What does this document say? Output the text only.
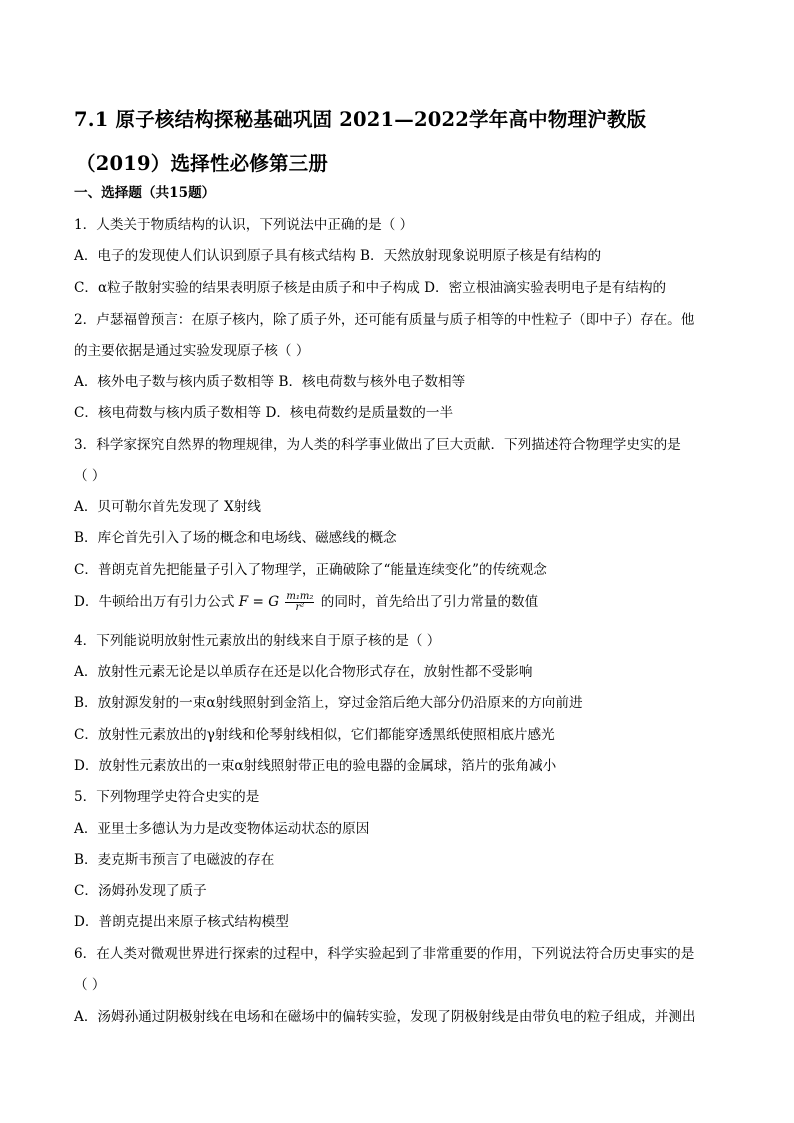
7.1 原子核结构探秘基础巩固 2021—2022学年高中物理沪教版
（2019）选择性必修第三册
一、选择题（共15题）
1．人类关于物质结构的认识，下列说法中正确的是（ ）
A．电子的发现使人们认识到原子具有核式结构 B．天然放射现象说明原子核是有结构的
C．α粒子散射实验的结果表明原子核是由质子和中子构成 D．密立根油滴实验表明电子是有结构的
2．卢瑟福曾预言：在原子核内，除了质子外，还可能有质量与质子相等的中性粒子（即中子）存在。他
的主要依据是通过实验发现原子核（ ）
A．核外电子数与核内质子数相等 B．核电荷数与核外电子数相等
C．核电荷数与核内质子数相等 D．核电荷数约是质量数的一半
3．科学家探究自然界的物理规律，为人类的科学事业做出了巨大贡献．下列描述符合物理学史实的是
（ ）
A．贝可勒尔首先发现了 X射线
B．库仑首先引入了场的概念和电场线、磁感线的概念
C．普朗克首先把能量子引入了物理学，正确破除了“能量连续变化”的传统观念
D．牛顿给出万有引力公式 F = G $\frac{\text{m₁m₂}}{\text{r²}}$ 的同时，首先给出了引力常量的数值
4．下列能说明放射性元素放出的射线来自于原子核的是（ ）
A．放射性元素无论是以单质存在还是以化合物形式存在，放射性都不受影响
B．放射源发射的一束α射线照射到金箔上，穿过金箔后绝大部分仍沿原来的方向前进
C．放射性元素放出的γ射线和伦琴射线相似，它们都能穿透黑纸使照相底片感光
D．放射性元素放出的一束α射线照射带正电的验电器的金属球，箔片的张角减小
5．下列物理学史符合史实的是
A．亚里士多德认为力是改变物体运动状态的原因
B．麦克斯韦预言了电磁波的存在
C．汤姆孙发现了质子
D．普朗克提出来原子核式结构模型
6．在人类对微观世界进行探索的过程中，科学实验起到了非常重要的作用，下列说法符合历史事实的是
（ ）
A．汤姆孙通过阴极射线在电场和在磁场中的偏转实验，发现了阴极射线是由带负电的粒子组成，并测出
